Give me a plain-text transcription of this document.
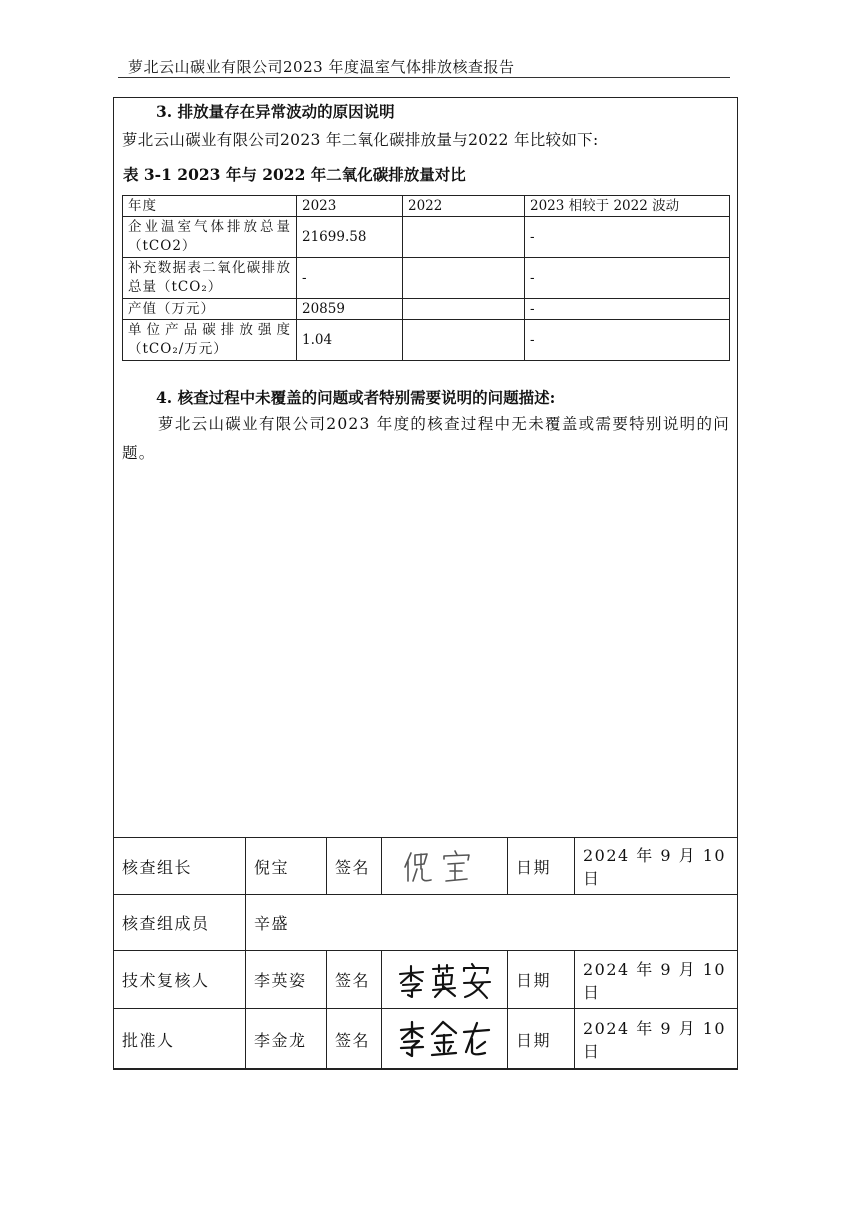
萝北云山碳业有限公司2023 年度温室气体排放核查报告
3. 排放量存在异常波动的原因说明
萝北云山碳业有限公司2023 年二氧化碳排放量与2022 年比较如下:
表 3-1 2023 年与 2022 年二氧化碳排放量对比
年度	2023	2022	2023 相较于 2022 波动
企业温室气体排放总量（tCO2）	21699.58		-
补充数据表二氧化碳排放总量（tCO₂）	-		-
产值（万元）	20859		-
单位产品碳排放强度（tCO₂/万元）	1.04		-
4. 核查过程中未覆盖的问题或者特别需要说明的问题描述:
萝北云山碳业有限公司2023 年度的核查过程中无未覆盖或需要特别说明的问题。
核查组长	倪宝	签名		日期	2024 年 9 月 10 日
核查组成员	辛盛				
技术复核人	李英姿	签名		日期	2024 年 9 月 10 日
批准人	李金龙	签名		日期	2024 年 9 月 10 日
